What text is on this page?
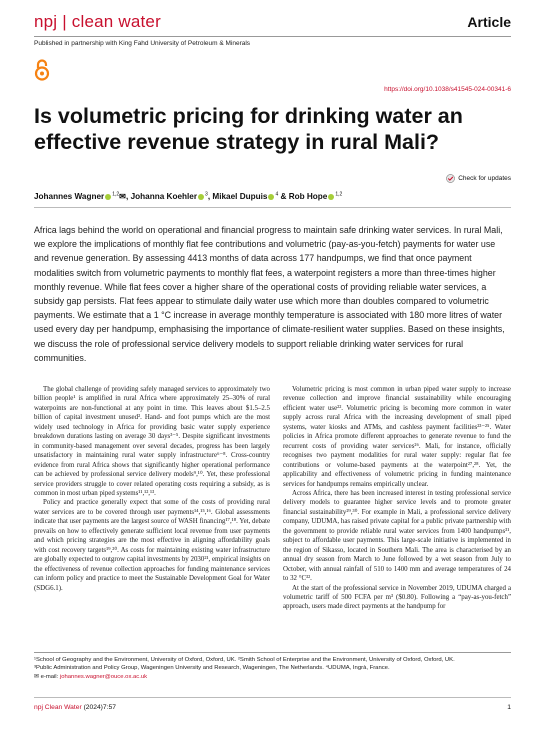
npj | clean water	Article
Published in partnership with King Fahd University of Petroleum & Minerals
https://doi.org/10.1038/s41545-024-00341-6
Is volumetric pricing for drinking water an effective revenue strategy in rural Mali?
Check for updates
Johannes Wagner $^{1,2}$✉, Johanna Koehler $^3$, Mikael Dupuis $^4$ & Rob Hope $^{1,2}$
Africa lags behind the world on operational and financial progress to maintain safe drinking water services. In rural Mali, we explore the implications of monthly flat fee contributions and volumetric (pay-as-you-fetch) payments for water use and revenue generation. By assessing 4413 months of data across 177 handpumps, we find that once payment modalities switch from volumetric payments to monthly flat fees, a waterpoint registers a more than three-times higher monthly revenue. While flat fees cover a higher share of the operational costs of providing reliable water services, a subsidy gap persists. Flat fees appear to stimulate daily water use which more than doubles compared to volumetric payments. We estimate that a 1 °C increase in average monthly temperature is associated with 180 more litres of water used every day per handpump, emphasising the importance of climate-resilient water supplies. Based on these insights, we discuss the role of professional service delivery models to support reliable drinking water services for rural communities.

The global challenge of providing safely managed services to approximately two billion people¹ is amplified in rural Africa where approximately 25–30% of rural waterpoints are non-functional at any point in time. This leaves about $1.5–2.5 billion of capital investment unused². Hand- and foot pumps which are the most widely used technology in Africa for providing basic water supply experience breakdown durations lasting on average 30 days³⁻⁵. Despite significant investments in community-based management over several decades, progress has been largely unsatisfactory in maintaining rural water supply infrastructure⁶⁻⁸. Cross-country evidence from rural Africa shows that significantly higher operational performance can be achieved by professional service delivery models⁹,¹⁰. Yet, these professional service providers struggle to cover related operating costs requiring a subsidy, as is common in most urban piped systems¹¹,¹²,¹³.

Policy and practice generally expect that some of the costs of providing rural water services are to be covered through user payments¹⁴,¹⁵,¹⁶. Global assessments indicate that user payments are the largest source of WASH financing¹⁷,¹⁸. Yet, debate prevails on how to effectively generate sufficient local revenue from user payments and which pricing strategies are the most effective in aligning affordability goals with cost recovery targets¹⁹,²⁰. As costs for maintaining existing water infrastructure are globally expected to outgrow capital investments by 2030²¹, empirical insights on the effectiveness of revenue collection approaches for funding maintenance services can inform policy and practice to meet the Sustainable Development Goal for Water (SDG6.1).

Volumetric pricing is most common in urban piped water supply to increase revenue collection and improve financial sustainability while encouraging efficient water use²². Volumetric pricing is becoming more common in water supply across rural Africa with the increasing development of small piped systems, water kiosks and ATMs, and cashless payment facilities²³⁻²⁵. Water policies in Africa promote different approaches to generate revenue to fund the recurrent costs of providing water services²⁶. Mali, for instance, officially recognises two payment modalities for rural water supply: regular flat fee contributions or volume-based payments at the waterpoint²⁷,²⁸. Yet, the applicability and effectiveness of volumetric pricing in funding maintenance services for handpumps remains empirically unclear.

Across Africa, there has been increased interest in testing professional service delivery models to guarantee higher service levels and to promote greater financial sustainability²⁹,³⁰. For example in Mali, a professional service delivery company, UDUMA, has raised private capital for a public private partnership with the government to provide reliable rural water services from 1400 handpumps³¹, subject to affordable user payments. This large-scale initiative is implemented in the region of Sikasso, located in Southern Mali. The area is characterised by an annual dry season from March to June followed by a wet season from July to October, with annual rainfall of 510 to 1400 mm and average temperatures of 24 to 32 °C³².

At the start of the professional service in November 2019, UDUMA charged a volumetric tariff of 500 FCFA per m³ ($0.80). Following a “pay-as-you-fetch” approach, users made direct payments at the handpump for

¹School of Geography and the Environment, University of Oxford, Oxford, UK. ²Smith School of Enterprise and the Environment, University of Oxford, Oxford, UK.
³Public Administration and Policy Group, Wageningen University and Research, Wageningen, The Netherlands. ⁴UDUMA, Ingrà, France.
✉ e-mail: johannes.wagner@ouce.ox.ac.uk
npj Clean Water (2024)7:57	1
